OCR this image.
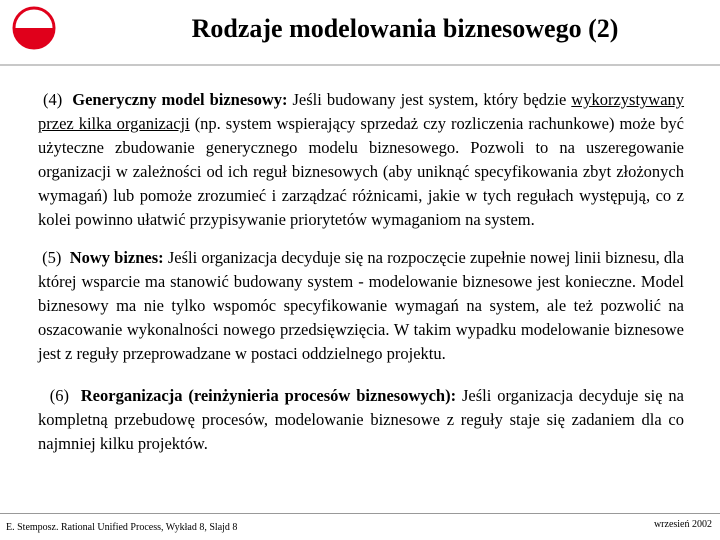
Rodzaje modelowania biznesowego (2)

(4) Generyczny model biznesowy: Jeśli budowany jest system, który będzie wykorzystywany przez kilka organizacji (np. system wspierający sprzedaż czy rozliczenia rachunkowe) może być użyteczne zbudowanie generycznego modelu biznesowego. Pozwoli to na uszeregowanie organizacji w zależności od ich reguł biznesowych (aby uniknąć specyfikowania zbyt złożonych wymagań) lub pomoże zrozumieć i zarządzać różnicami, jakie w tych regułach występują, co z kolei powinno ułatwić przypisywanie priorytetów wymaganiom na system.

(5) Nowy biznes: Jeśli organizacja decyduje się na rozpoczęcie zupełnie nowej linii biznesu, dla której wsparcie ma stanowić budowany system - modelowanie biznesowe jest konieczne. Model biznesowy ma nie tylko wspomóc specyfikowanie wymagań na system, ale też pozwolić na oszacowanie wykonalności nowego przedsięwzięcia. W takim wypadku modelowanie biznesowe jest z reguły przeprowadzane w postaci oddzielnego projektu.

(6) Reorganizacja (reinżynieria procesów biznesowych): Jeśli organizacja decyduje się na kompletną przebudowę procesów, modelowanie biznesowe z reguły staje się zadaniem dla co najmniej kilku projektów.

E. Stemposz. Rational Unified Process, Wykład 8, Slajd 8	wrzesień 2002
